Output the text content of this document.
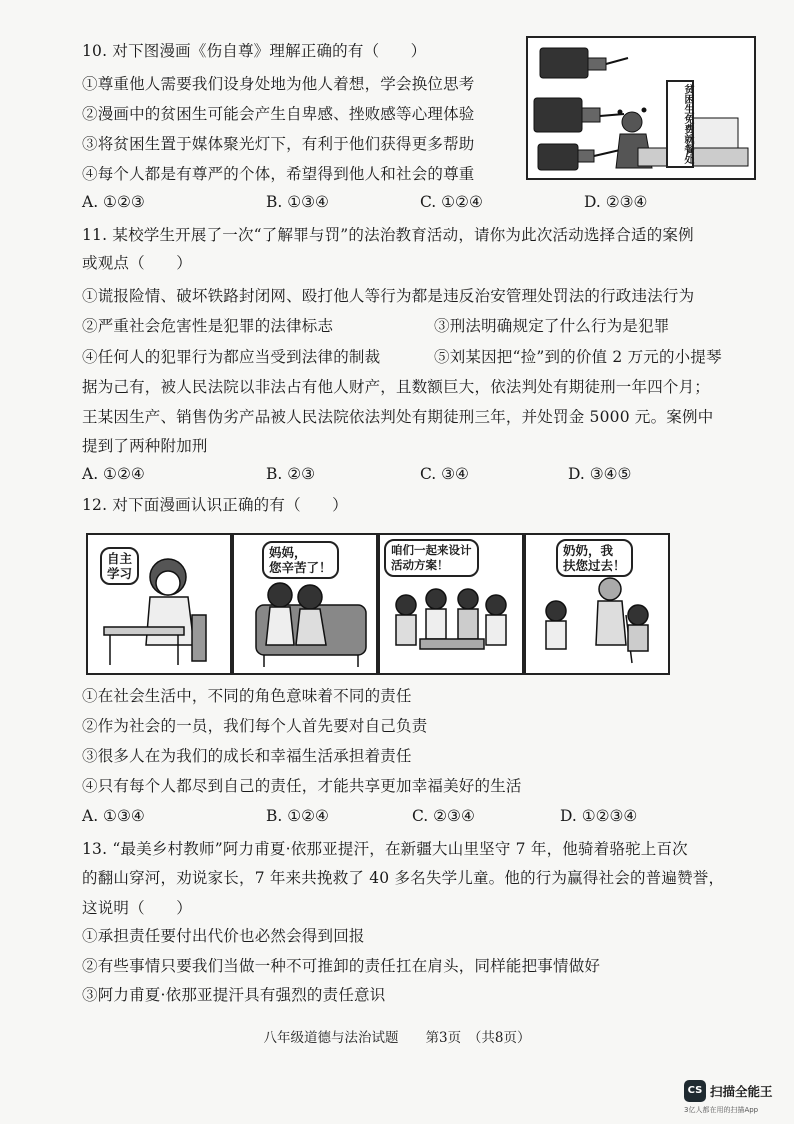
10. 对下图漫画《伤自尊》理解正确的有（　　）
①尊重他人需要我们设身处地为他人着想，学会换位思考
②漫画中的贫困生可能会产生自卑感、挫败感等心理体验
③将贫困生置于媒体聚光灯下，有利于他们获得更多帮助
④每个人都是有尊严的个体，希望得到他人和社会的尊重
A. ①②③	B. ①③④	C. ①②④	D. ②③④
贫困生免费就餐处
11. 某校学生开展了一次“了解罪与罚”的法治教育活动，请你为此次活动选择合适的案例
或观点（　　）
①谎报险情、破坏铁路封闭网、殴打他人等行为都是违反治安管理处罚法的行政违法行为
②严重社会危害性是犯罪的法律标志	③刑法明确规定了什么行为是犯罪
④任何人的犯罪行为都应当受到法律的制裁	⑤刘某因把“捡”到的价值 2 万元的小提琴
据为己有，被人民法院以非法占有他人财产，且数额巨大，依法判处有期徒刑一年四个月；
王某因生产、销售伪劣产品被人民法院依法判处有期徒刑三年，并处罚金 5000 元。案例中
提到了两种附加刑
A. ①②④	B. ②③	C. ③④	D. ③④⑤
12. 对下面漫画认识正确的有（　　）
自主
学习
妈妈，
您辛苦了！
咱们一起来设计
活动方案！
奶奶，我
扶您过去！
①在社会生活中，不同的角色意味着不同的责任
②作为社会的一员，我们每个人首先要对自己负责
③很多人在为我们的成长和幸福生活承担着责任
④只有每个人都尽到自己的责任，才能共享更加幸福美好的生活
A. ①③④	B. ①②④	C. ②③④	D. ①②③④
13. “最美乡村教师”阿力甫夏·依那亚提汗，在新疆大山里坚守 7 年，他骑着骆驼上百次
的翻山穿河，劝说家长，7 年来共挽救了 40 多名失学儿童。他的行为赢得社会的普遍赞誉，
这说明（　　）
①承担责任要付出代价也必然会得到回报
②有些事情只要我们当做一种不可推卸的责任扛在肩头，同样能把事情做好
③阿力甫夏·依那亚提汗具有强烈的责任意识
八年级道德与法治试题　　第3页　（共8页）
CS 扫描全能王
3亿人都在用的扫描App
